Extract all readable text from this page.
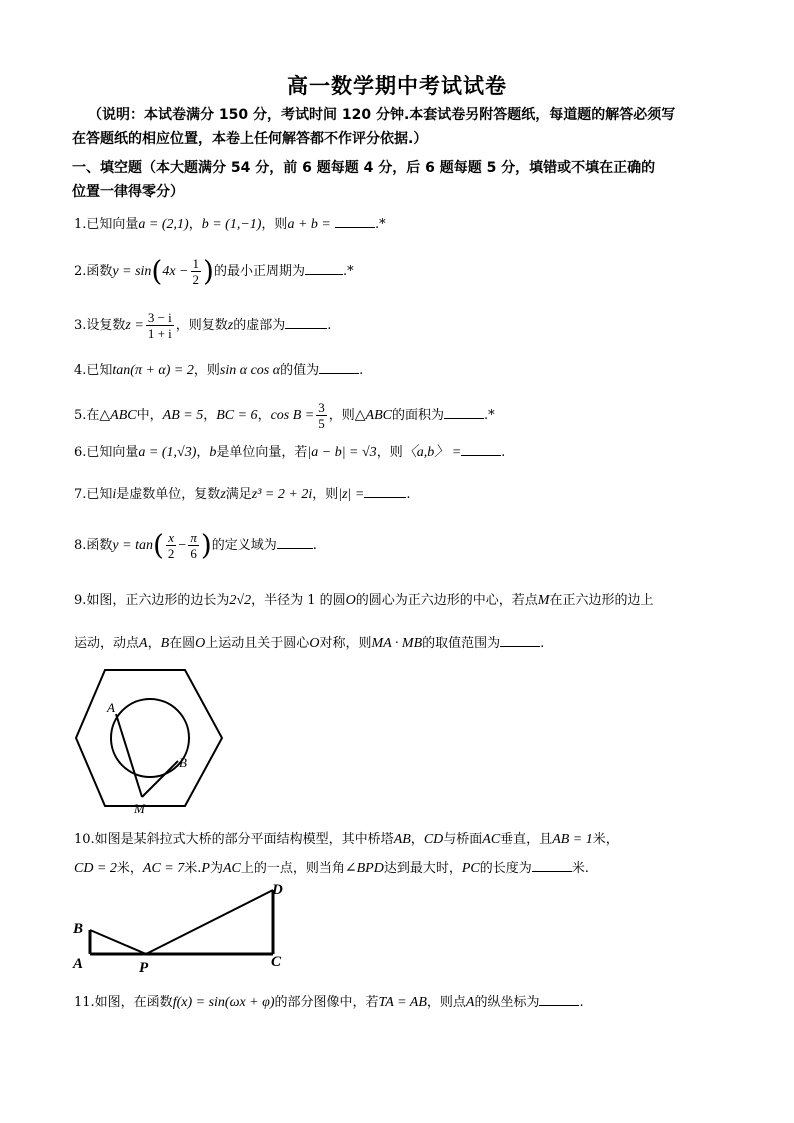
高一数学期中考试试卷
（说明：本试卷满分 150 分，考试时间 120 分钟.本套试卷另附答题纸，每道题的解答必须写
在答题纸的相应位置，本卷上任何解答都不作评分依据.）
一、填空题（本大题满分 54 分，前 6 题每题 4 分，后 6 题每题 5 分，填错或不填在正确的
位置一律得零分）
1.已知向量a = (2,1)，b = (1,−1)，则a + b =	.*
2.函数$y = \sin(4x - \frac{1}{2}$ )的最小正周期为	.*
3.设复数$z = \frac{3 - i}{1 + i}$ ，则复数z的虚部为	.
4.已知tan(π + α) = 2，则sin α cos α的值为	.
5.在△ABC中，AB = 5，BC = 6，$\cos B = \frac{3}{5}$ ，则△ABC的面积为	.*
6.已知向量a = (1,√3)，b是单位向量，若|a − b| = √3，则〈a,b〉 =	.
7.已知i是虚数单位，复数z满足z³ = 2 + 2i，则|z| =	.
8.函数$y = \tan( \frac{x}{2} - \frac{\pi}{6}$ )的定义域为	.
9.如图，正六边形的边长为2√2，半径为 1 的圆O的圆心为正六边形的中心，若点M在正六边形的边上
运动，动点A，B在圆O上运动且关于圆心O对称，则MA · MB的取值范围为	.
A
B
M
10.如图是某斜拉式大桥的部分平面结构模型，其中桥塔AB，CD与桥面AC垂直，且AB = 1米，
CD = 2米，AC = 7米.P为AC上的一点，则当角∠BPD达到最大时，PC的长度为	米.
B
A	P	C
D
11.如图，在函数f(x) = sin(ωx + φ)的部分图像中，若TA = AB，则点A的纵坐标为	.
